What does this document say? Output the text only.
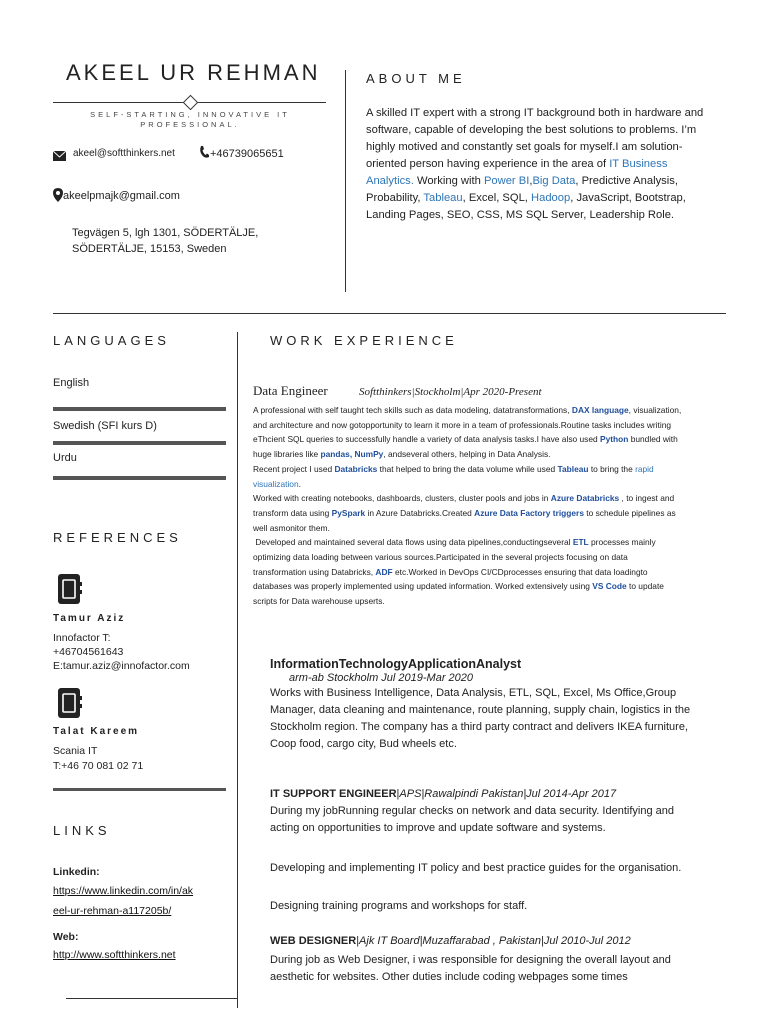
AKEEL UR REHMAN
SELF-STARTING, INNOVATIVE IT PROFESSIONAL.
akeel@softthinkers.net	+46739065651
akeelpmajk@gmail.com
Tegvägen 5, lgh 1301, SÖDERTÄLJE,
SÖDERTÄLJE, 15153, Sweden
ABOUT ME
A skilled IT expert with a strong IT background both in hardware and software, capable of developing the best solutions to problems. I’m highly motived and constantly set goals for myself.I am solution-oriented person having experience in the area of IT Business Analytics. Working with Power BI,Big Data, Predictive Analysis, Probability, Tableau, Excel, SQL, Hadoop, JavaScript, Bootstrap, Landing Pages, SEO, CSS, MS SQL Server, Leadership Role.
LANGUAGES
English
Swedish (SFI kurs D)
Urdu
REFERENCES
Tamur Aziz
Innofactor T:
+46704561643
E:tamur.aziz@innofactor.com
Talat Kareem
Scania IT
T:+46 70 081 02 71
LINKS
Linkedin:
https://www.linkedin.com/in/ak
eel-ur-rehman-a117205b/
Web:
http://www.softthinkers.net
WORK EXPERIENCE
Data Engineer	Softthinkers|Stockholm|Apr 2020-Present
A professional with self taught tech skills such as data modeling, datatransformations, DAX language, visualization, and architecture and now gotopportunity to learn it more in a team of professionals.Routine tasks includes writing eThcient SQL queries to successfully handle a variety of data analysis tasks.I have also used Python bundled with huge libraries like pandas, NumPy, andseveral others, helping in Data Analysis.
Recent project I used Databricks that helped to bring the data volume while used Tableau to bring the rapid visualization.
Worked with creating notebooks, dashboards, clusters, cluster pools and jobs in Azure Databricks , to ingest and transform data using PySpark in Azure Databricks.Created Azure Data Factory triggers to schedule pipelines as well asmonitor them.
Developed and maintained several data flows using data pipelines,conductingseveral ETL processes mainly optimizing data loading between various sources.Participated in the several projects focusing on data transformation using Databricks, ADF etc.Worked in DevOps CI/CDprocesses ensuring that data loadingto databases was properly implemented using updated information. Worked extensively using VS Code to update scripts for Data warehouse upserts.
InformationTechnologyApplicationAnalyst
arm-ab Stockholm Jul 2019-Mar 2020
Works with Business Intelligence, Data Analysis, ETL, SQL, Excel, Ms Office,Group Manager, data cleaning and maintenance, route planning, supply chain, logistics in the Stockholm region. The company has a third party contract and delivers IKEA furniture, Coop food, cargo city, Bud wheels etc.
IT SUPPORT ENGINEER|APS|Rawalpindi Pakistan|Jul 2014-Apr 2017
During my jobRunning regular checks on network and data security. Identifying and acting on opportunities to improve and update software and systems.
Developing and implementing IT policy and best practice guides for the organisation.
Designing training programs and workshops for staff.
WEB DESIGNER|Ajk IT Board|Muzaffarabad , Pakistan|Jul 2010-Jul 2012
During job as Web Designer, i was responsible for designing the overall layout and aesthetic for websites. Other duties include coding webpages some times
